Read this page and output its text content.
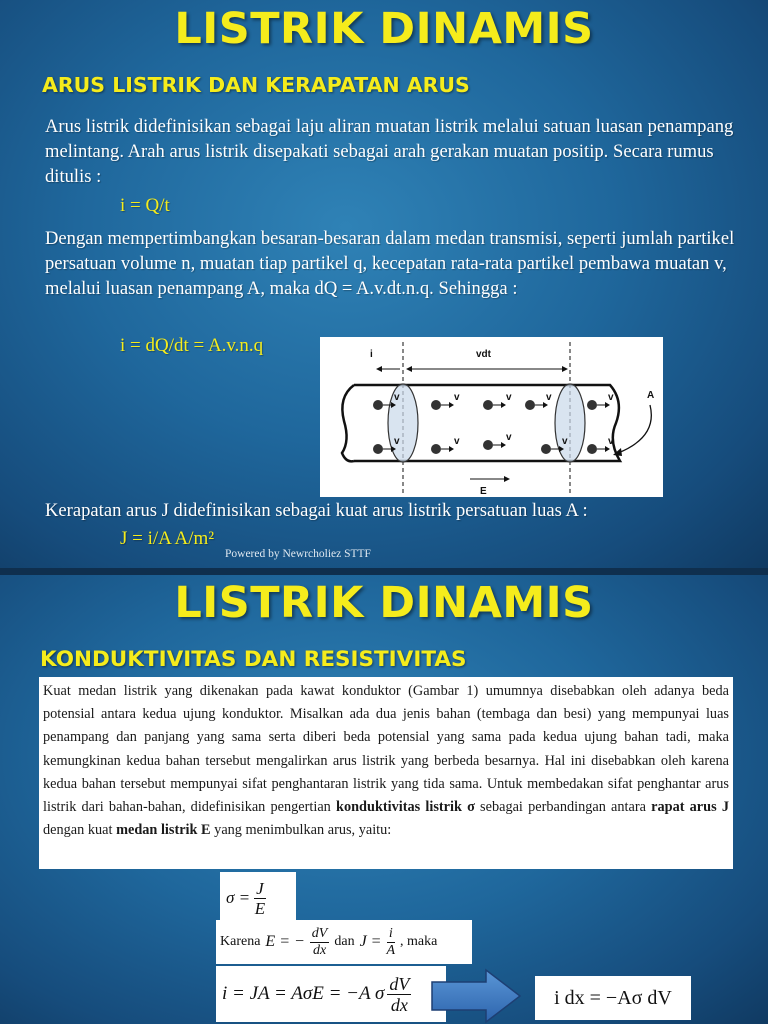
LISTRIK DINAMIS
ARUS LISTRIK DAN KERAPATAN ARUS
Arus listrik didefinisikan sebagai laju aliran muatan listrik melalui satuan luasan penampang melintang. Arah arus listrik disepakati sebagai arah gerakan muatan positip. Secara rumus ditulis :
i = Q/t
Dengan mempertimbangkan besaran-besaran dalam medan transmisi, seperti jumlah partikel persatuan volume n, muatan tiap partikel q, kecepatan rata-rata partikel pembawa muatan v, melalui luasan penampang A, maka dQ = A.v.dt.n.q. Sehingga :
i = dQ/dt = A.v.n.q	i	vdt
A
v	v	v	v	v
v	v	v	v	v
E
Kerapatan arus J didefinisikan sebagai kuat arus listrik persatuan luas A :
J = i/A A/m²
Powered by Newrcholiez STTF
LISTRIK DINAMIS
KONDUKTIVITAS DAN RESISTIVITAS
Kuat medan listrik yang dikenakan pada kawat konduktor (Gambar 1) umumnya disebabkan oleh adanya beda potensial antara kedua ujung konduktor. Misalkan ada dua jenis bahan (tembaga dan besi) yang mempunyai luas penampang dan panjang yang sama serta diberi beda potensial yang sama pada kedua ujung bahan tadi, maka kemungkinan kedua bahan tersebut mengalirkan arus listrik yang berbeda besarnya. Hal ini disebabkan oleh karena kedua bahan tersebut mempunyai sifat penghantaran listrik yang tida sama. Untuk membedakan sifat penghantar arus listrik dari bahan-bahan, didefinisikan pengertian konduktivitas listrik σ sebagai perbandingan antara rapat arus J dengan kuat medan listrik E yang menimbulkan arus, yaitu:
$\sigma = \frac{J}{E}$
Karena E = − $\frac{dV}{dx}$ dan $J = \frac{i}{A}$ , maka
i = JA = AσE = −A σ $\frac{dV}{dx}$	i dx = −Aσ dV
